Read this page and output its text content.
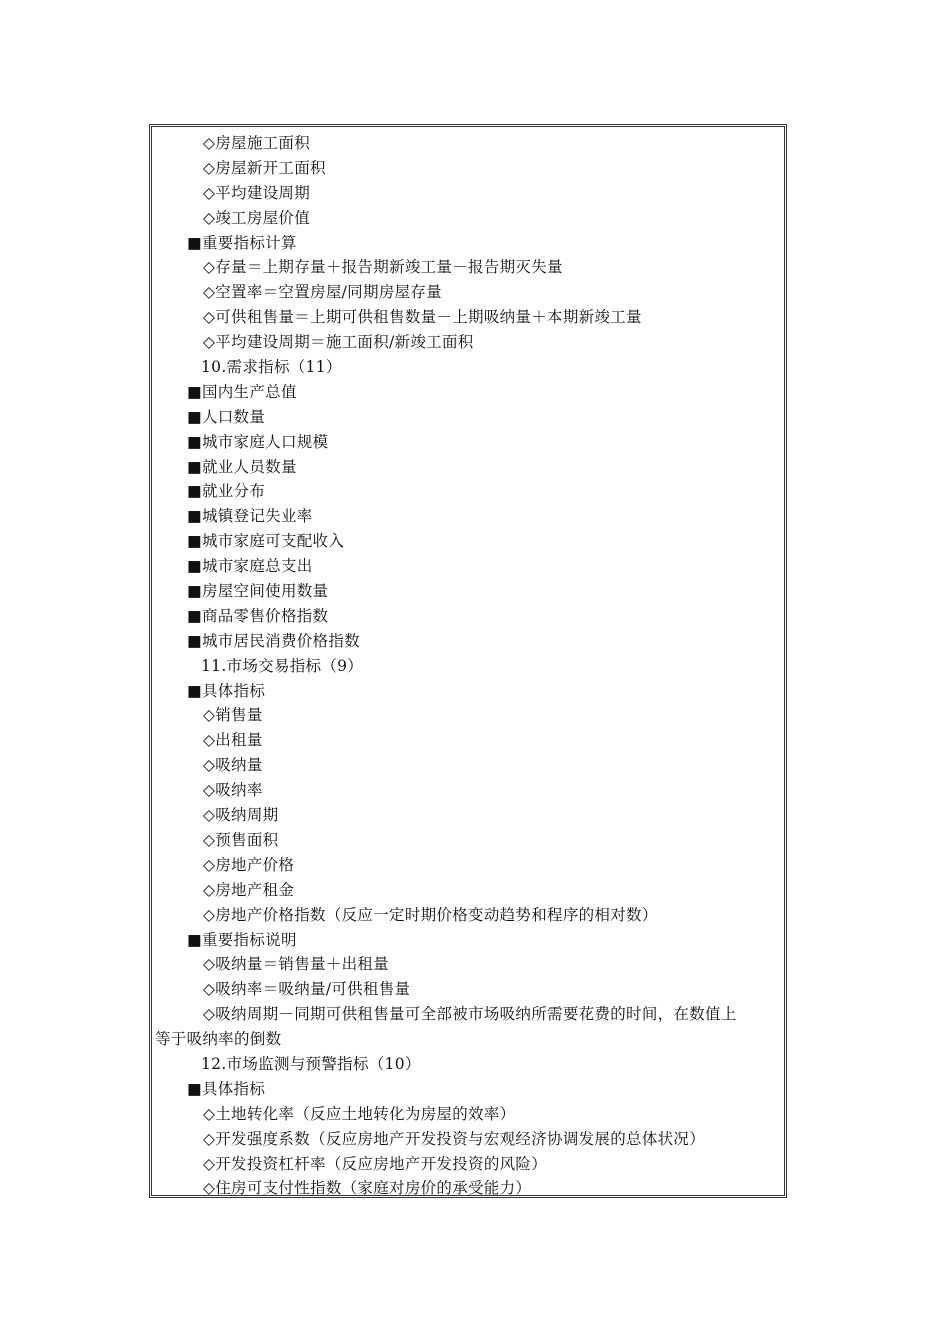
◇房屋施工面积
◇房屋新开工面积
◇平均建设周期
◇竣工房屋价值
■重要指标计算
◇存量＝上期存量＋报告期新竣工量－报告期灭失量
◇空置率＝空置房屋/同期房屋存量
◇可供租售量＝上期可供租售数量－上期吸纳量＋本期新竣工量
◇平均建设周期＝施工面积/新竣工面积
10.需求指标（11）
■国内生产总值
■人口数量
■城市家庭人口规模
■就业人员数量
■就业分布
■城镇登记失业率
■城市家庭可支配收入
■城市家庭总支出
■房屋空间使用数量
■商品零售价格指数
■城市居民消费价格指数
11.市场交易指标（9）
■具体指标
◇销售量
◇出租量
◇吸纳量
◇吸纳率
◇吸纳周期
◇预售面积
◇房地产价格
◇房地产租金
◇房地产价格指数（反应一定时期价格变动趋势和程序的相对数）
■重要指标说明
◇吸纳量＝销售量＋出租量
◇吸纳率＝吸纳量/可供租售量
◇吸纳周期－同期可供租售量可全部被市场吸纳所需要花费的时间，在数值上
等于吸纳率的倒数
12.市场监测与预警指标（10）
■具体指标
◇土地转化率（反应土地转化为房屋的效率）
◇开发强度系数（反应房地产开发投资与宏观经济协调发展的总体状况）
◇开发投资杠杆率（反应房地产开发投资的风险）
◇住房可支付性指数（家庭对房价的承受能力）
